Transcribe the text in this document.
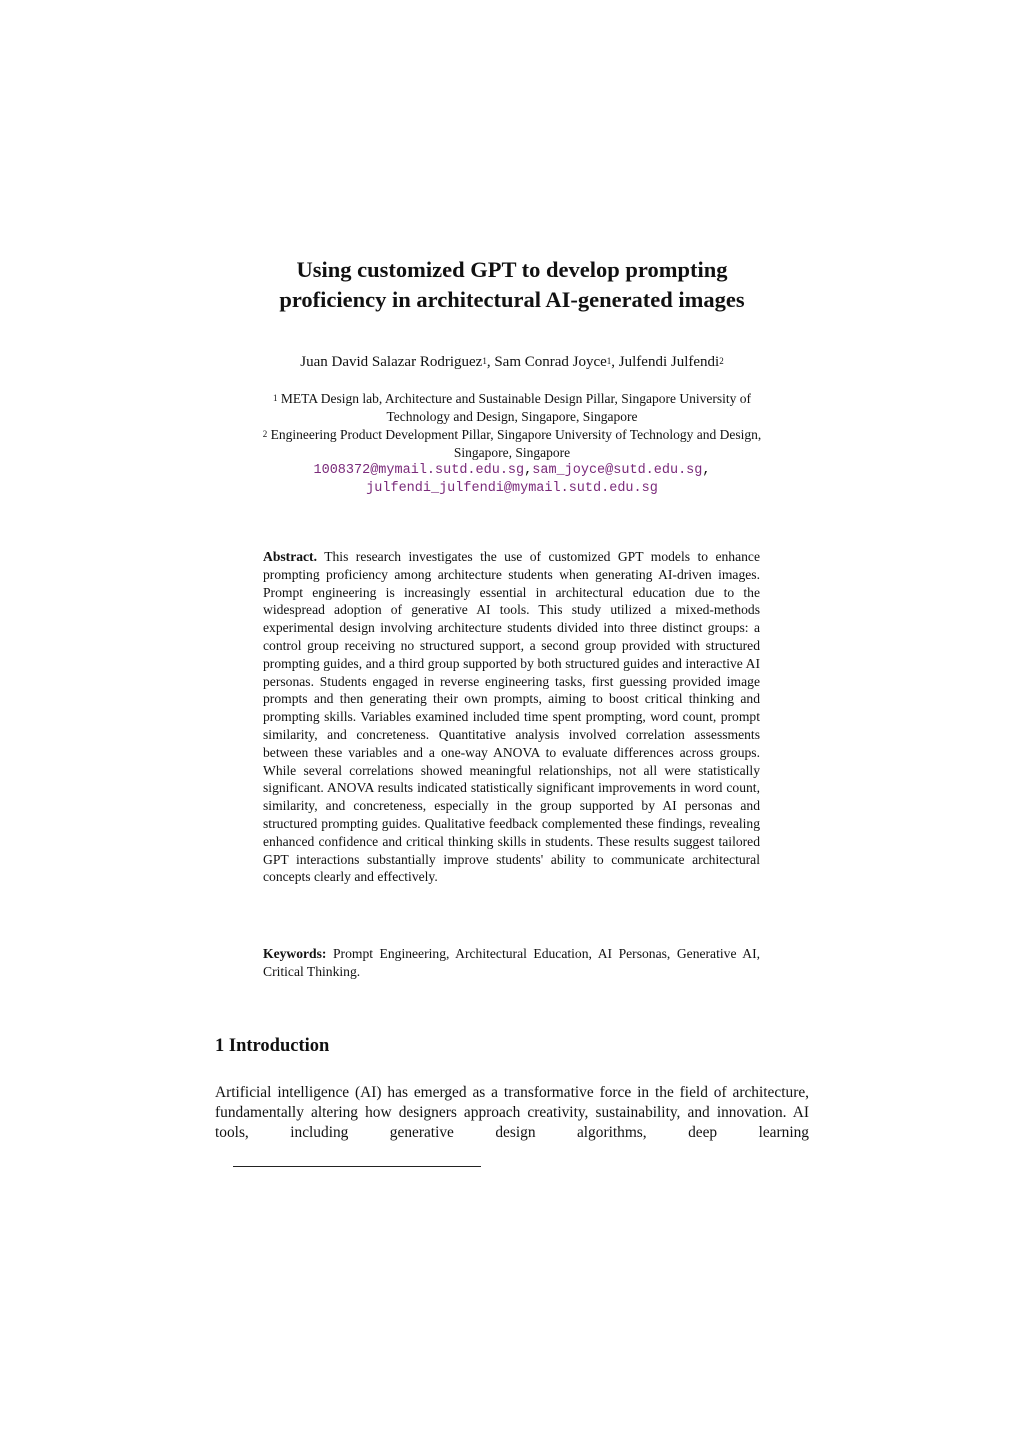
Using customized GPT to develop prompting
proficiency in architectural AI-generated images
Juan David Salazar Rodriguez$^1$, Sam Conrad Joyce$^1$, Julfendi Julfendi$^2$
$^1$ META Design lab, Architecture and Sustainable Design Pillar, Singapore University of
Technology and Design, Singapore, Singapore
$^2$ Engineering Product Development Pillar, Singapore University of Technology and Design,
Singapore, Singapore
1008372@mymail.sutd.edu.sg,sam_joyce@sutd.edu.sg,
julfendi_julfendi@mymail.sutd.edu.sg

Abstract. This research investigates the use of customized GPT models to enhance prompting proficiency among architecture students when generating AI-driven images. Prompt engineering is increasingly essential in architectural education due to the widespread adoption of generative AI tools. This study utilized a mixed-methods experimental design involving architecture students divided into three distinct groups: a control group receiving no structured support, a second group provided with structured prompting guides, and a third group supported by both structured guides and interactive AI personas. Students engaged in reverse engineering tasks, first guessing provided image prompts and then generating their own prompts, aiming to boost critical thinking and prompting skills. Variables examined included time spent prompting, word count, prompt similarity, and concreteness. Quantitative analysis involved correlation assessments between these variables and a one-way ANOVA to evaluate differences across groups. While several correlations showed meaningful relationships, not all were statistically significant. ANOVA results indicated statistically significant improvements in word count, similarity, and concreteness, especially in the group supported by AI personas and structured prompting guides. Qualitative feedback complemented these findings, revealing enhanced confidence and critical thinking skills in students. These results suggest tailored GPT interactions substantially improve students' ability to communicate architectural concepts clearly and effectively.

Keywords: Prompt Engineering, Architectural Education, AI Personas, Generative AI, Critical Thinking.

1 Introduction

Artificial intelligence (AI) has emerged as a transformative force in the field of architecture, fundamentally altering how designers approach creativity, sustainability, and innovation. AI tools, including generative design algorithms, deep learning
